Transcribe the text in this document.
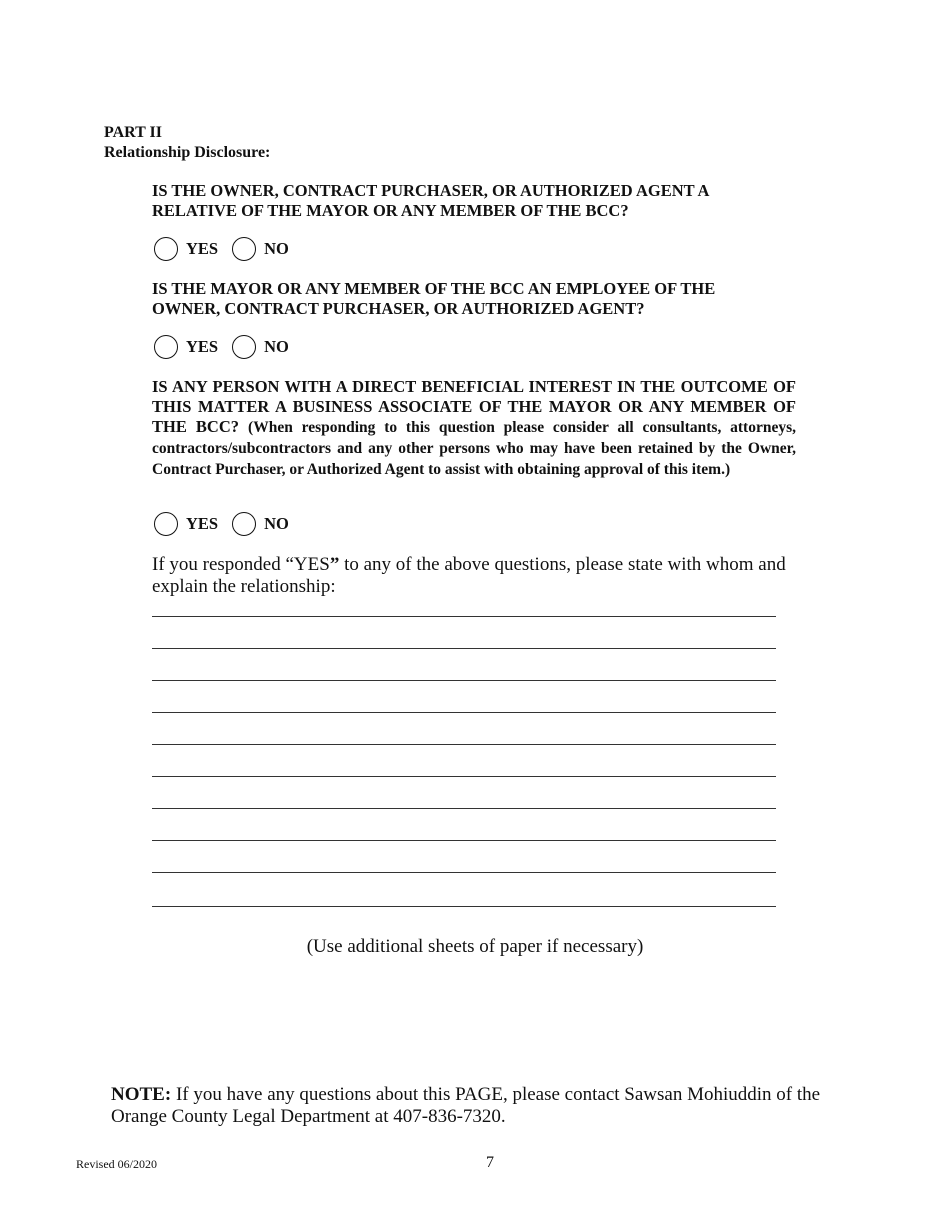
PART II
Relationship Disclosure:
IS THE OWNER, CONTRACT PURCHASER, OR AUTHORIZED AGENT A
RELATIVE OF THE MAYOR OR ANY MEMBER OF THE BCC?
YES	NO
IS THE MAYOR OR ANY MEMBER OF THE BCC AN EMPLOYEE OF THE
OWNER, CONTRACT PURCHASER, OR AUTHORIZED AGENT?
YES	NO
IS ANY PERSON WITH A DIRECT BENEFICIAL INTEREST IN THE OUTCOME OF THIS MATTER A BUSINESS ASSOCIATE OF THE MAYOR OR ANY MEMBER OF THE BCC? (When responding to this question please consider all consultants, attorneys, contractors/subcontractors and any other persons who may have been retained by the Owner, Contract Purchaser, or Authorized Agent to assist with obtaining approval of this item.)
YES	NO
If you responded “YES” to any of the above questions, please state with whom and explain the relationship:
(Use additional sheets of paper if necessary)
NOTE: If you have any questions about this PAGE, please contact Sawsan Mohiuddin of the Orange County Legal Department at 407-836-7320.
Revised 06/2020	7
